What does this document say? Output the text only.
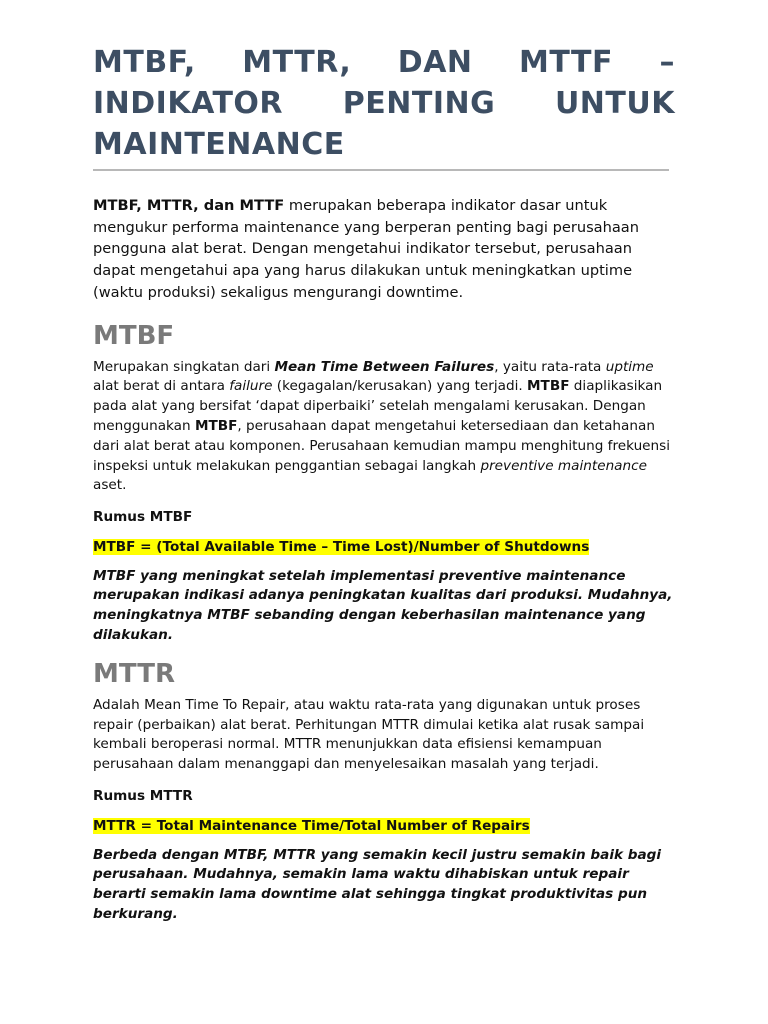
MTBF, MTTR, DAN MTTF – INDIKATOR PENTING UNTUK MAINTENANCE

MTBF, MTTR, dan MTTF merupakan beberapa indikator dasar untuk mengukur performa maintenance yang berperan penting bagi perusahaan pengguna alat berat. Dengan mengetahui indikator tersebut, perusahaan dapat mengetahui apa yang harus dilakukan untuk meningkatkan uptime (waktu produksi) sekaligus mengurangi downtime.

MTBF

Merupakan singkatan dari Mean Time Between Failures, yaitu rata-rata uptime alat berat di antara failure (kegagalan/kerusakan) yang terjadi. MTBF diaplikasikan pada alat yang bersifat ‘dapat diperbaiki’ setelah mengalami kerusakan. Dengan menggunakan MTBF, perusahaan dapat mengetahui ketersediaan dan ketahanan dari alat berat atau komponen. Perusahaan kemudian mampu menghitung frekuensi inspeksi untuk melakukan penggantian sebagai langkah preventive maintenance aset.

Rumus MTBF

MTBF = (Total Available Time – Time Lost)/Number of Shutdowns

MTBF yang meningkat setelah implementasi preventive maintenance merupakan indikasi adanya peningkatan kualitas dari produksi. Mudahnya, meningkatnya MTBF sebanding dengan keberhasilan maintenance yang dilakukan.

MTTR

Adalah Mean Time To Repair, atau waktu rata-rata yang digunakan untuk proses repair (perbaikan) alat berat. Perhitungan MTTR dimulai ketika alat rusak sampai kembali beroperasi normal. MTTR menunjukkan data efisiensi kemampuan perusahaan dalam menanggapi dan menyelesaikan masalah yang terjadi.

Rumus MTTR

MTTR = Total Maintenance Time/Total Number of Repairs

Berbeda dengan MTBF, MTTR yang semakin kecil justru semakin baik bagi perusahaan. Mudahnya, semakin lama waktu dihabiskan untuk repair berarti semakin lama downtime alat sehingga tingkat produktivitas pun berkurang.
